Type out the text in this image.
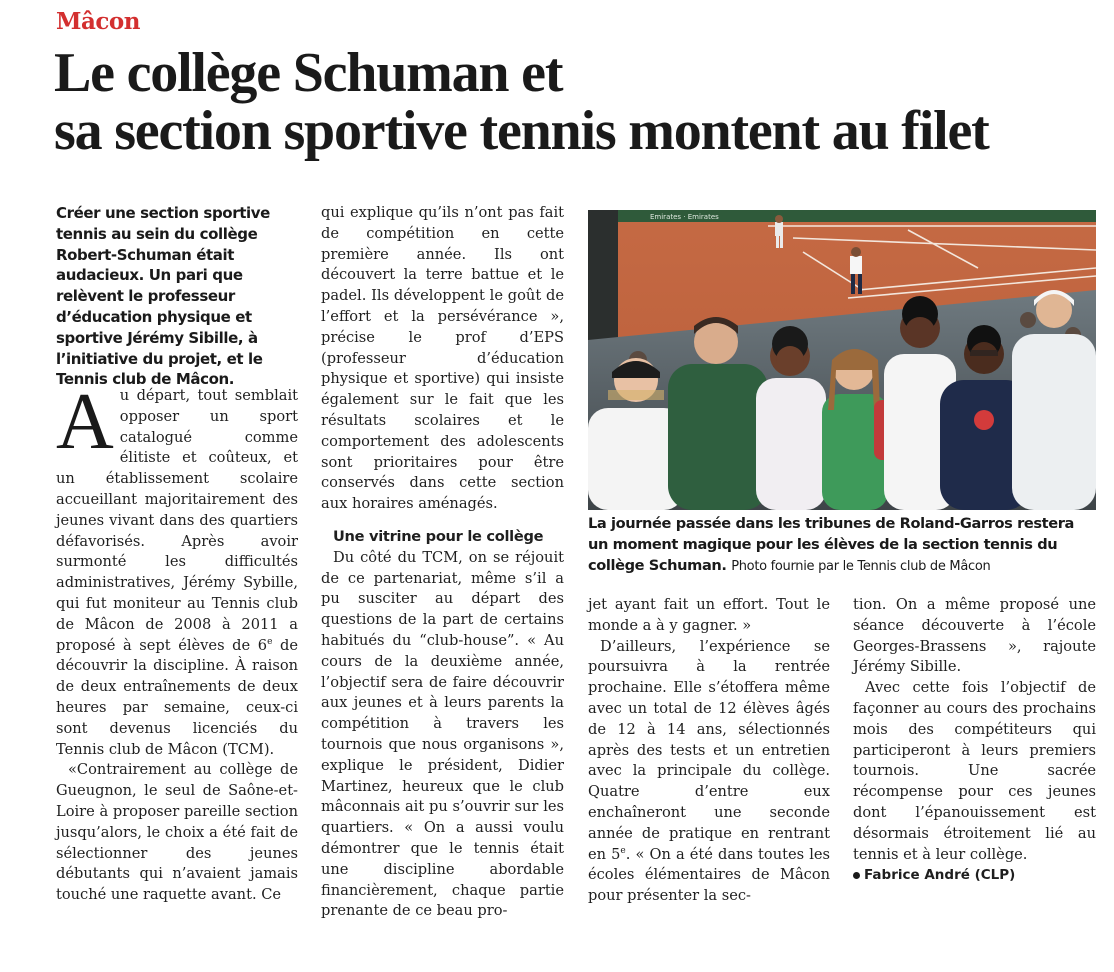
Mâcon
Le collège Schuman et
sa section sportive tennis montent au filet

Créer une section sportive tennis au sein du collège Robert-Schuman était audacieux. Un pari que relèvent le professeur d’éducation physique et sportive Jérémy Sibille, à l’initiative du projet, et le Tennis club de Mâcon.

Au départ, tout semblait opposer un sport catalogué comme élitiste et coûteux, et un établissement scolaire accueillant majoritairement des jeunes vivant dans des quartiers défavorisés. Après avoir surmonté les difficultés administratives, Jérémy Sybille, qui fut moniteur au Tennis club de Mâcon de 2008 à 2011 a proposé à sept élèves de 6e de découvrir la discipline. À raison de deux entraînements de deux heures par semaine, ceux-ci sont devenus licenciés du Tennis club de Mâcon (TCM).

«Contrairement au collège de Gueugnon, le seul de Saône-et-Loire à proposer pareille section jusqu’alors, le choix a été fait de sélectionner des jeunes débutants qui n’avaient jamais touché une raquette avant. Ce

qui explique qu’ils n’ont pas fait de compétition en cette première année. Ils ont découvert la terre battue et le padel. Ils développent le goût de l’effort et la persévérance », précise le prof d’EPS (professeur d’éducation physique et sportive) qui insiste également sur le fait que les résultats scolaires et le comportement des adolescents sont prioritaires pour être conservés dans cette section aux horaires aménagés.

Une vitrine pour le collège

Du côté du TCM, on se réjouit de ce partenariat, même s’il a pu susciter au départ des questions de la part de certains habitués du “club-house”. « Au cours de la deuxième année, l’objectif sera de faire découvrir aux jeunes et à leurs parents la compétition à travers les tournois que nous organisons », explique le président, Didier Martinez, heureux que le club mâconnais ait pu s’ouvrir sur les quartiers. « On a aussi voulu démontrer que le tennis était une discipline abordable financièrement, chaque partie prenante de ce beau pro-

Emirates · Emirates
La journée passée dans les tribunes de Roland-Garros restera un moment magique pour les élèves de la section tennis du collège Schuman. Photo fournie par le Tennis club de Mâcon

jet ayant fait un effort. Tout le monde a à y gagner. »

D’ailleurs, l’expérience se poursuivra à la rentrée prochaine. Elle s’étoffera même avec un total de 12 élèves âgés de 12 à 14 ans, sélectionnés après des tests et un entretien avec la principale du collège. Quatre d’entre eux enchaîneront une seconde année de pratique en rentrant en 5e. « On a été dans toutes les écoles élémentaires de Mâcon pour présenter la sec-

tion. On a même proposé une séance découverte à l’école Georges-Brassens », rajoute Jérémy Sibille.

Avec cette fois l’objectif de façonner au cours des prochains mois des compétiteurs qui participeront à leurs premiers tournois. Une sacrée récompense pour ces jeunes dont l’épanouissement est désormais étroitement lié au tennis et à leur collège.

Fabrice André (CLP)
